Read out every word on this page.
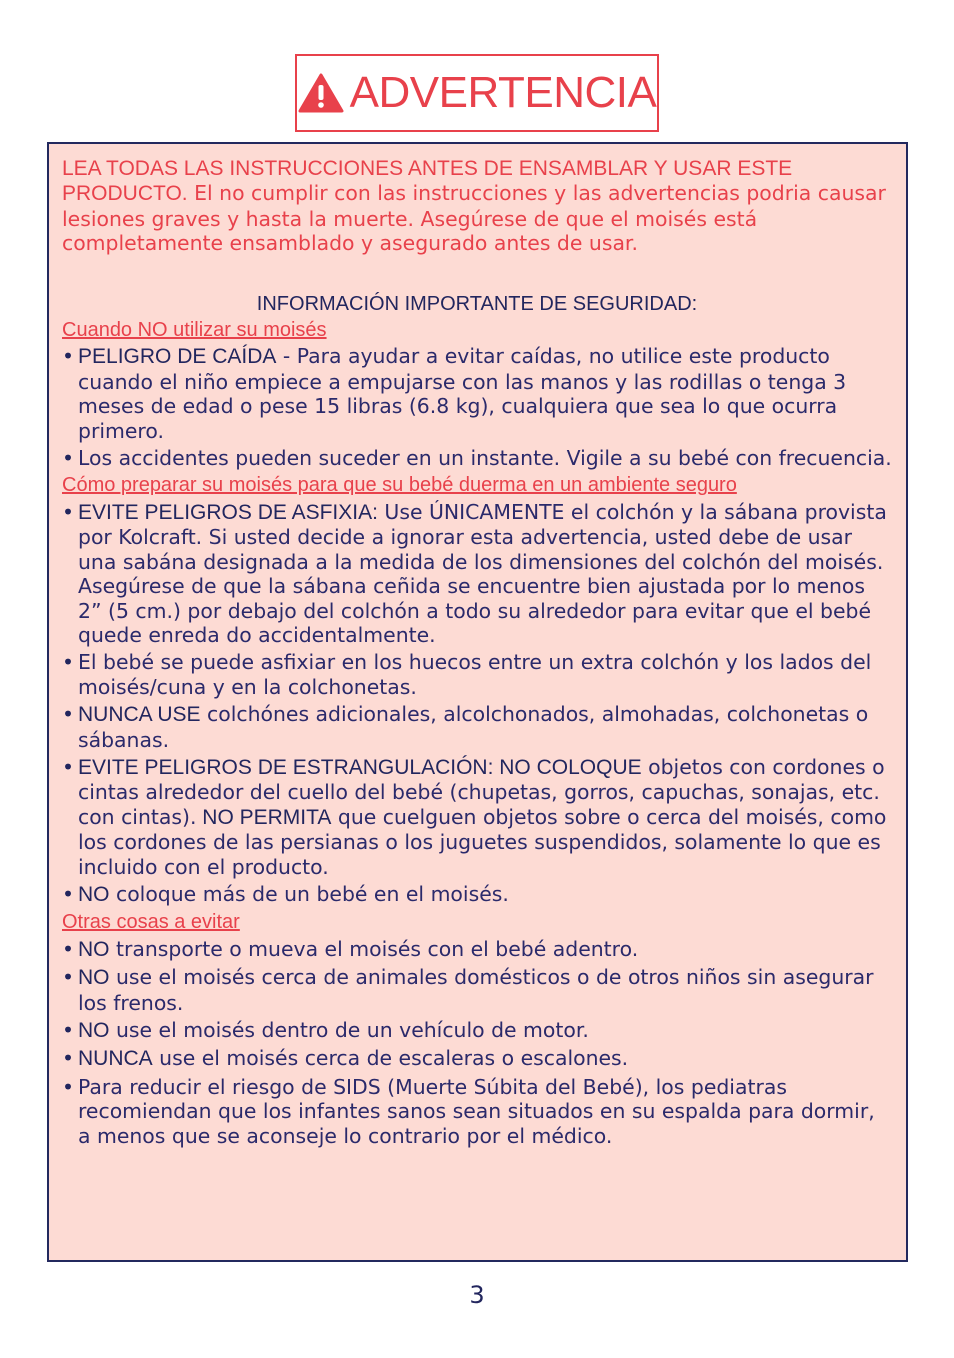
ADVERTENCIA

LEA TODAS LAS INSTRUCCIONES ANTES DE ENSAMBLAR Y USAR ESTE PRODUCTO. El no cumplir con las instrucciones y las advertencias podria causar lesiones graves y hasta la muerte. Asegúrese de que el moisés está completamente ensamblado y asegurado antes de usar.

INFORMACIÓN IMPORTANTE DE SEGURIDAD:

Cuando NO utilizar su moisés
• PELIGRO DE CAÍDA - Para ayudar a evitar caídas, no utilice este producto cuando el niño empiece a empujarse con las manos y las rodillas o tenga 3 meses de edad o pese 15 libras (6.8 kg), cualquiera que sea lo que ocurra primero.
• Los accidentes pueden suceder en un instante. Vigile a su bebé con frecuencia.
Cómo preparar su moisés para que su bebé duerma en un ambiente seguro
• EVITE PELIGROS DE ASFIXIA: Use ÚNICAMENTE el colchón y la sábana provista por Kolcraft. Si usted decide a ignorar esta advertencia, usted debe de usar una sabána designada a la medida de los dimensiones del colchón del moisés. Asegúrese de que la sábana ceñida se encuentre bien ajustada por lo menos 2” (5 cm.) por debajo del colchón a todo su alrededor para evitar que el bebé quede enreda do accidentalmente.
• El bebé se puede asfixiar en los huecos entre un extra colchón y los lados del moisés/cuna y en la colchonetas.
• NUNCA USE colchónes adicionales, alcolchonados, almohadas, colchonetas o sábanas.
• EVITE PELIGROS DE ESTRANGULACIÓN: NO COLOQUE objetos con cordones o cintas alrededor del cuello del bebé (chupetas, gorros, capuchas, sonajas, etc. con cintas). NO PERMITA que cuelguen objetos sobre o cerca del moisés, como los cordones de las persianas o los juguetes suspendidos, solamente lo que es incluido con el producto.
• NO coloque más de un bebé en el moisés.
Otras cosas a evitar
• NO transporte o mueva el moisés con el bebé adentro.
• NO use el moisés cerca de animales domésticos o de otros niños sin asegurar los frenos.
• NO use el moisés dentro de un vehículo de motor.
• NUNCA use el moisés cerca de escaleras o escalones.
• Para reducir el riesgo de SIDS (Muerte Súbita del Bebé), los pediatras recomiendan que los infantes sanos sean situados en su espalda para dormir, a menos que se aconseje lo contrario por el médico.
3
